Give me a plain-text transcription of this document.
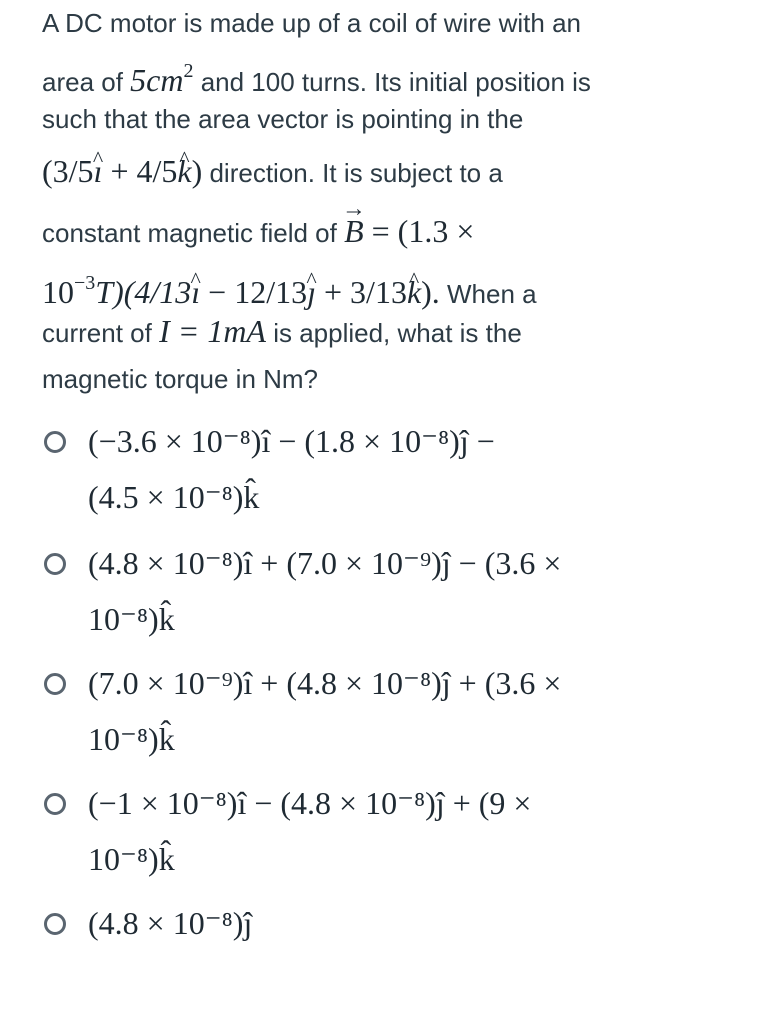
A DC motor is made up of a coil of wire with an
area of $5cm^2$ and 100 turns. Its initial position is
such that the area vector is pointing in the
(3/5ı ^ + 4/5k ^) direction. It is subject to a
constant magnetic field of B → = (1.3 ×
$10^{-3}T)(4/13ı$ ^ − 12/13ȷ ^ + 3/13k ^). When a
current of I = 1mA is applied, what is the
magnetic torque in Nm?
(−3.6 × 10⁻⁸)î − (1.8 × 10⁻⁸)ĵ −
(4.5 × 10⁻⁸)k̂
(4.8 × 10⁻⁸)î + (7.0 × 10⁻⁹)ĵ − (3.6 ×
10⁻⁸)k̂
(7.0 × 10⁻⁹)î + (4.8 × 10⁻⁸)ĵ + (3.6 ×
10⁻⁸)k̂
(−1 × 10⁻⁸)î − (4.8 × 10⁻⁸)ĵ + (9 ×
10⁻⁸)k̂
(4.8 × 10⁻⁸)ĵ
